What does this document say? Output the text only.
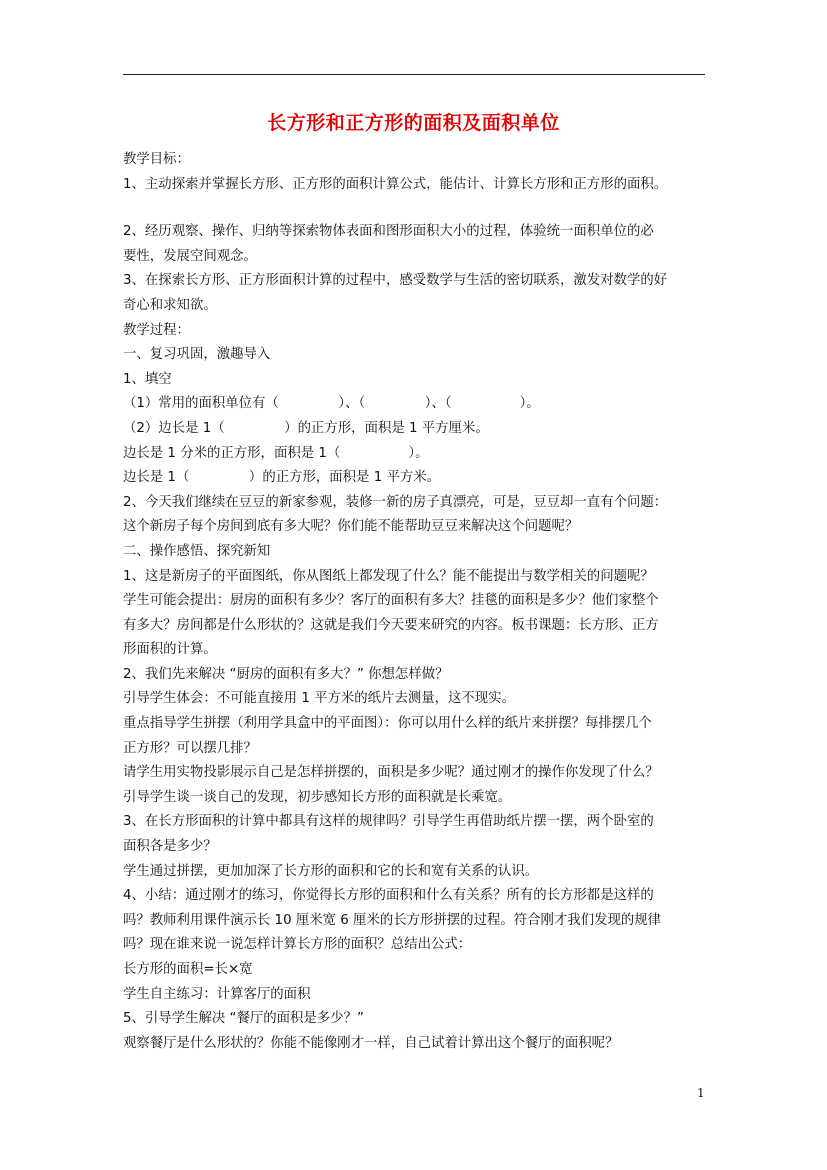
长方形和正方形的面积及面积单位

教学目标：

1、主动探索并掌握长方形、正方形的面积计算公式，能估计、计算长方形和正方形的面积。

2、经历观察、操作、归纳等探索物体表面和图形面积大小的过程，体验统一面积单位的必

要性，发展空间观念。

3、在探索长方形、正方形面积计算的过程中，感受数学与生活的密切联系，激发对数学的好

奇心和求知欲。

教学过程：

一、复习巩固，激趣导入

1、填空

（1）常用的面积单位有（              ）、（              ）、（                ）。

（2）边长是 1（              ）的正方形，面积是 1 平方厘米。

边长是 1 分米的正方形，面积是 1（                ）。

边长是 1（              ）的正方形，面积是 1 平方米。

2、今天我们继续在豆豆的新家参观，装修一新的房子真漂亮，可是，豆豆却一直有个问题：

这个新房子每个房间到底有多大呢？你们能不能帮助豆豆来解决这个问题呢？

二、操作感悟、探究新知

1、这是新房子的平面图纸，你从图纸上都发现了什么？能不能提出与数学相关的问题呢？

学生可能会提出：厨房的面积有多少？客厅的面积有多大？挂毯的面积是多少？他们家整个

有多大？房间都是什么形状的？这就是我们今天要来研究的内容。板书课题：长方形、正方

形面积的计算。

2、我们先来解决 “厨房的面积有多大？” 你想怎样做？

引导学生体会：不可能直接用 1 平方米的纸片去测量，这不现实。

重点指导学生拼摆（利用学具盒中的平面图）：你可以用什么样的纸片来拼摆？每排摆几个

正方形？可以摆几排？

请学生用实物投影展示自己是怎样拼摆的，面积是多少呢？通过刚才的操作你发现了什么？

引导学生谈一谈自己的发现，初步感知长方形的面积就是长乘宽。

3、在长方形面积的计算中都具有这样的规律吗？引导学生再借助纸片摆一摆，两个卧室的

面积各是多少？

学生通过拼摆，更加加深了长方形的面积和它的长和宽有关系的认识。

4、小结：通过刚才的练习，你觉得长方形的面积和什么有关系？所有的长方形都是这样的

吗？教师利用课件演示长 10 厘米宽 6 厘米的长方形拼摆的过程。符合刚才我们发现的规律

吗？现在谁来说一说怎样计算长方形的面积？总结出公式：

长方形的面积=长×宽

学生自主练习：计算客厅的面积

5、引导学生解决 “餐厅的面积是多少？”

观察餐厅是什么形状的？你能不能像刚才一样，自己试着计算出这个餐厅的面积呢？

1
